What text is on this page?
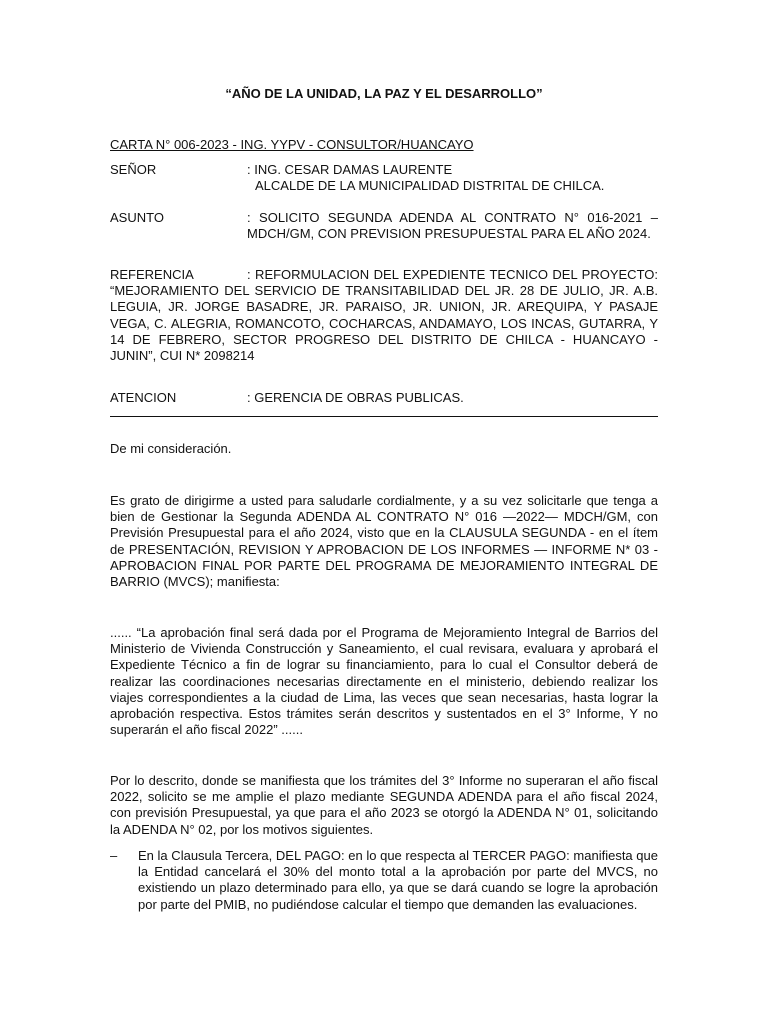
“AÑO DE LA UNIDAD, LA PAZ Y EL DESARROLLO”
CARTA N° 006-2023 - ING. YYPV - CONSULTOR/HUANCAYO
SEÑOR	: ING. CESAR DAMAS LAURENTE
ALCALDE DE LA MUNICIPALIDAD DISTRITAL DE CHILCA.
ASUNTO	: SOLICITO SEGUNDA ADENDA AL CONTRATO N° 016-2021 – MDCH/GM, CON PREVISION PRESUPUESTAL PARA EL AÑO 2024.
REFERENCIA	: REFORMULACION DEL EXPEDIENTE TECNICO DEL PROYECTO: “MEJORAMIENTO DEL SERVICIO DE TRANSITABILIDAD DEL JR. 28 DE JULIO, JR. A.B. LEGUIA, JR. JORGE BASADRE, JR. PARAISO, JR. UNION, JR. AREQUIPA, Y PASAJE VEGA, C. ALEGRIA, ROMANCOTO, COCHARCAS, ANDAMAYO, LOS INCAS, GUTARRA, Y 14 DE FEBRERO, SECTOR PROGRESO DEL DISTRITO DE CHILCA - HUANCAYO - JUNIN”, CUI N* 2098214
ATENCION	: GERENCIA DE OBRAS PUBLICAS.
De mi consideración.
Es grato de dirigirme a usted para saludarle cordialmente, y a su vez solicitarle que tenga a bien de Gestionar la Segunda ADENDA AL CONTRATO N° 016 —2022— MDCH/GM, con Previsión Presupuestal para el año 2024, visto que en la CLAUSULA SEGUNDA - en el ítem de PRESENTACIÓN, REVISION Y APROBACION DE LOS INFORMES — INFORME N* 03 - APROBACION FINAL POR PARTE DEL PROGRAMA DE MEJORAMIENTO INTEGRAL DE BARRIO (MVCS); manifiesta:
...... “La aprobación final será dada por el Programa de Mejoramiento Integral de Barrios del Ministerio de Vivienda Construcción y Saneamiento, el cual revisara, evaluara y aprobará el Expediente Técnico a fin de lograr su financiamiento, para lo cual el Consultor deberá de realizar las coordinaciones necesarias directamente en el ministerio, debiendo realizar los viajes correspondientes a la ciudad de Lima, las veces que sean necesarias, hasta lograr la aprobación respectiva. Estos trámites serán descritos y sustentados en el 3° Informe, Y no superarán el año fiscal 2022” ......
Por lo descrito, donde se manifiesta que los trámites del 3° Informe no superaran el año fiscal 2022, solicito se me amplie el plazo mediante SEGUNDA ADENDA para el año fiscal 2024, con previsión Presupuestal, ya que para el año 2023 se otorgó la ADENDA N° 01, solicitando la ADENDA N° 02, por los motivos siguientes.
– En la Clausula Tercera, DEL PAGO: en lo que respecta al TERCER PAGO: manifiesta que la Entidad cancelará el 30% del monto total a la aprobación por parte del MVCS, no existiendo un plazo determinado para ello, ya que se dará cuando se logre la aprobación por parte del PMIB, no pudiéndose calcular el tiempo que demanden las evaluaciones.
